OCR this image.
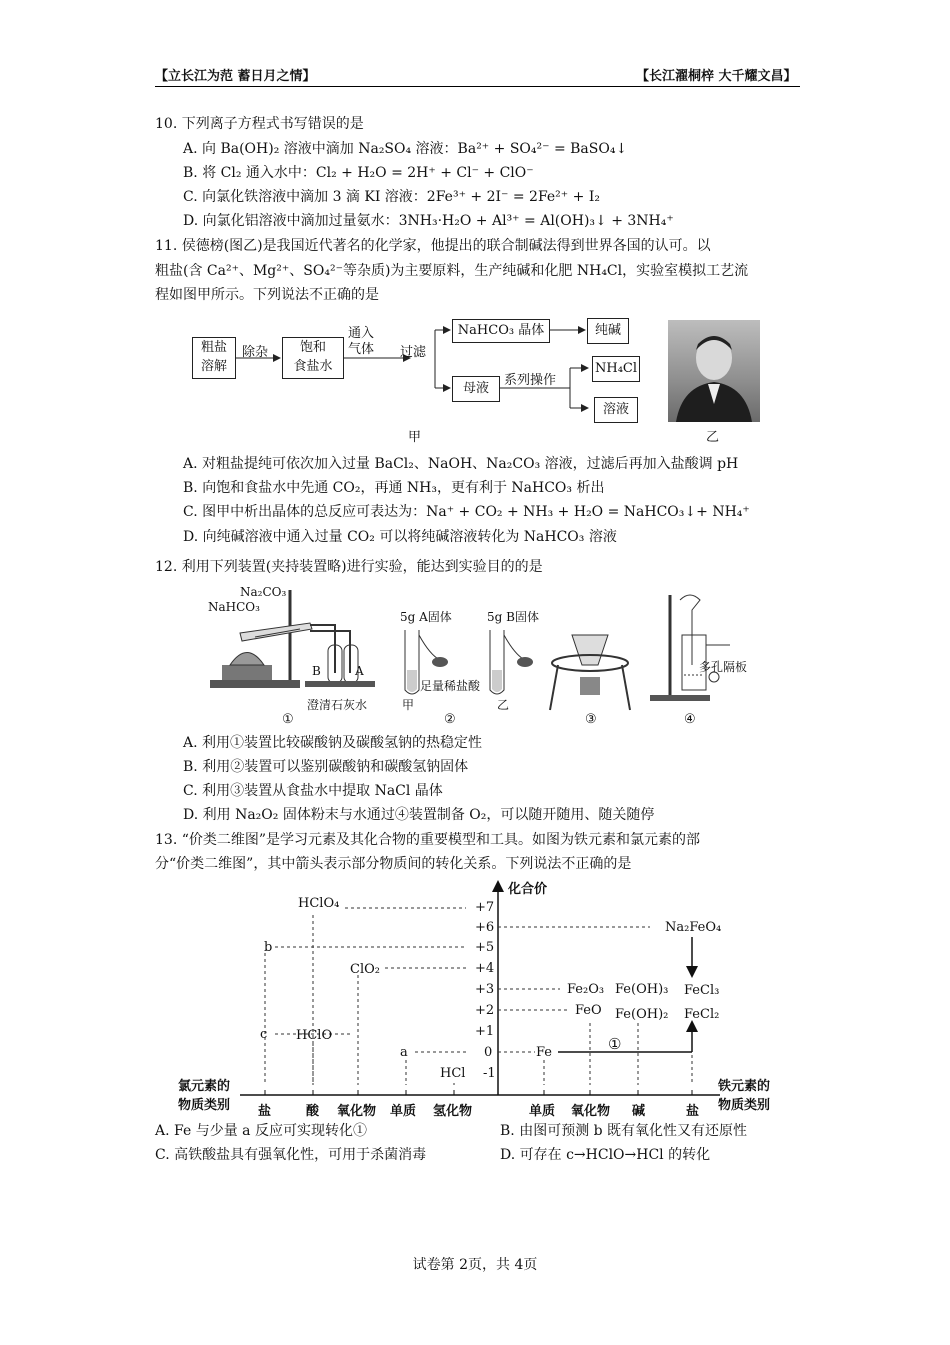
【立长江为范 蓄日月之情】	【长江濯桐梓 大千耀文昌】
10. 下列离子方程式书写错误的是
A. 向 Ba(OH)₂ 溶液中滴加 Na₂SO₄ 溶液：Ba²⁺ + SO₄²⁻ = BaSO₄↓
B. 将 Cl₂ 通入水中：Cl₂ + H₂O = 2H⁺ + Cl⁻ + ClO⁻
C. 向氯化铁溶液中滴加 3 滴 KI 溶液：2Fe³⁺ + 2I⁻ = 2Fe²⁺ + I₂
D. 向氯化铝溶液中滴加过量氨水：3NH₃·H₂O + Al³⁺ = Al(OH)₃↓ + 3NH₄⁺
11. 侯德榜(图乙)是我国近代著名的化学家，他提出的联合制碱法得到世界各国的认可。以
粗盐(含 Ca²⁺、Mg²⁺、SO₄²⁻等杂质)为主要原料，生产纯碱和化肥 NH₄Cl，实验室模拟工艺流
程如图甲所示。下列说法不正确的是
粗盐
溶解
除杂	饱和
食盐水
通入
气体 过滤
NaHCO₃ 晶体	纯碱
母液
系列操作
NH₄Cl
溶液
甲	乙
A. 对粗盐提纯可依次加入过量 BaCl₂、NaOH、Na₂CO₃ 溶液，过滤后再加入盐酸调 pH
B. 向饱和食盐水中先通 CO₂，再通 NH₃，更有利于 NaHCO₃ 析出
C. 图甲中析出晶体的总反应可表达为：Na⁺ + CO₂ + NH₃ + H₂O = NaHCO₃↓+ NH₄⁺
D. 向纯碱溶液中通入过量 CO₂ 可以将纯碱溶液转化为 NaHCO₃ 溶液
12. 利用下列装置(夹持装置略)进行实验，能达到实验目的的是
Na₂CO₃
NaHCO₃
B	A
澄清石灰水
5g A固体	5g B固体
足量稀盐酸
甲	乙
多孔隔板
①	②	③	④
A. 利用①装置比较碳酸钠及碳酸氢钠的热稳定性
B. 利用②装置可以鉴别碳酸钠和碳酸氢钠固体
C. 利用③装置从食盐水中提取 NaCl 晶体
D. 利用 Na₂O₂ 固体粉末与水通过④装置制备 O₂，可以随开随用、随关随停
13. “价类二维图”是学习元素及其化合物的重要模型和工具。如图为铁元素和氯元素的部
分“价类二维图”，其中箭头表示部分物质间的转化关系。下列说法不正确的是
化合价
+7
+6
+5
+4
+3
+2
+1
0
-1
HClO₄
b
ClO₂
c HClO
a
HCl
Na₂FeO₄
Fe₂O₃ Fe(OH)₃ FeCl₃
FeO Fe(OH)₂ FeCl₂
Fe	①
氯元素的
物质类别
铁元素的
物质类别
盐	酸 氧化物 单质 氢化物	单质 氧化物 碱	盐
A. Fe 与少量 a 反应可实现转化①	B. 由图可预测 b 既有氧化性又有还原性
C. 高铁酸盐具有强氧化性，可用于杀菌消毒	D. 可存在 c→HClO→HCl 的转化
试卷第 2页，共 4页
